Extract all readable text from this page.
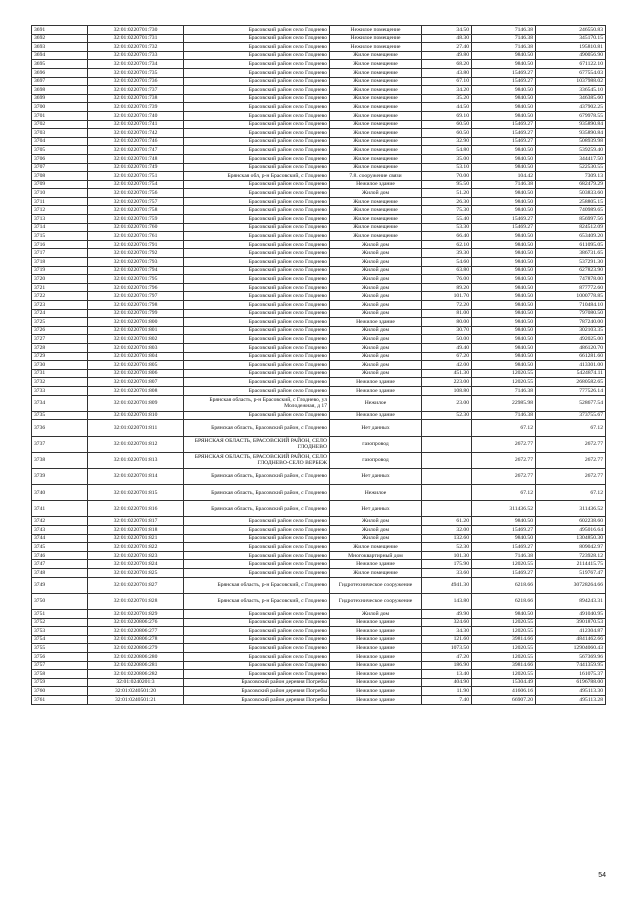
3691	32:01:0220701:730	Брасовский район село Глоднево	Нежилое помещение	34.50	7146.38	246550.83
3692	32:01:0220701:731	Брасовский район село Глоднево	Нежилое помещение	48.30	7146.38	345170.15
3693	32:01:0220701:732	Брасовский район село Глоднево	Нежилое помещение	27.40	7146.38	195810.81
3694	32:01:0220701:733	Брасовский район село Глоднево	Жилое помещение	49.80	9840.50	490056.90
3695	32:01:0220701:734	Брасовский район село Глоднево	Жилое помещение	68.20	9840.50	671122.10
3696	32:01:0220701:735	Брасовский район село Глоднево	Жилое помещение	43.80	15469.27	677554.03
3697	32:01:0220701:736	Брасовский район село Глоднево	Жилое помещение	67.10	15469.27	1037988.02
3698	32:01:0220701:737	Брасовский район село Глоднево	Жилое помещение	34.20	9840.50	336545.10
3699	32:01:0220701:738	Брасовский район село Глоднево	Жилое помещение	35.20	9840.50	346385.60
3700	32:01:0220701:739	Брасовский район село Глоднево	Жилое помещение	44.50	9840.50	437902.25
3701	32:01:0220701:740	Брасовский район село Глоднево	Жилое помещение	69.10	9840.50	679978.55
3702	32:01:0220701:741	Брасовский район село Глоднево	Жилое помещение	60.50	15469.27	935890.84
3703	32:01:0220701:742	Брасовский район село Глоднево	Жилое помещение	60.50	15469.27	935890.84
3704	32:01:0220701:746	Брасовский район село Глоднево	Жилое помещение	32.90	15469.27	508939.98
3705	32:01:0220701:747	Брасовский район село Глоднево	Жилое помещение	54.80	9840.50	539259.40
3706	32:01:0220701:748	Брасовский район село Глоднево	Жилое помещение	35.00	9840.50	344417.50
3707	32:01:0220701:749	Брасовский район село Глоднево	Жилое помещение	53.10	9840.50	522530.55
3708	32:01:0220701:751	Брянская обл, р-н Брасовский, с Глоднево	7.8. сооружение связи	70.00	104.42	7309.13
3709	32:01:0220701:754	Брасовский район село Глоднево	Нежилое здание	95.50	7146.38	682479.29
3710	32:01:0220701:756	Брасовский район село Глоднево	Жилой дом	51.20	9840.50	503833.60
3711	32:01:0220701:757	Брасовский район село Глоднево	Жилое помещение	26.30	9840.50	258805.15
3712	32:01:0220701:758	Брасовский район село Глоднево	Жилое помещение	75.30	9840.50	740989.65
3713	32:01:0220701:759	Брасовский район село Глоднево	Жилое помещение	55.40	15469.27	856997.56
3714	32:01:0220701:760	Брасовский район село Глоднево	Жилое помещение	53.30	15469.27	824512.09
3715	32:01:0220701:761	Брасовский район село Глоднево	Жилое помещение	66.40	9840.50	653409.20
3716	32:01:0220701:791	Брасовский район село Глоднево	Жилой дом	62.10	9840.50	611095.05
3717	32:01:0220701:792	Брасовский район село Глоднево	Жилой дом	39.30	9840.50	386731.65
3718	32:01:0220701:793	Брасовский район село Глоднево	Жилой дом	54.60	9840.50	537291.30
3719	32:01:0220701:794	Брасовский район село Глоднево	Жилой дом	63.80	9840.50	627823.90
3720	32:01:0220701:795	Брасовский район село Глоднево	Жилой дом	76.00	9840.50	747878.00
3721	32:01:0220701:796	Брасовский район село Глоднево	Жилой дом	89.20	9840.50	877772.60
3722	32:01:0220701:797	Брасовский район село Глоднево	Жилой дом	101.70	9840.50	1000778.85
3723	32:01:0220701:798	Брасовский район село Глоднево	Жилой дом	72.20	9840.50	710484.10
3724	32:01:0220701:799	Брасовский район село Глоднево	Жилой дом	81.00	9840.50	797080.50
3725	32:01:0220701:800	Брасовский район село Глоднево	Нежилое здание	80.00	9840.50	787240.00
3726	32:01:0220701:801	Брасовский район село Глоднево	Жилой дом	30.70	9840.50	302103.35
3727	32:01:0220701:802	Брасовский район село Глоднево	Жилой дом	50.00	9840.50	492025.00
3728	32:01:0220701:803	Брасовский район село Глоднево	Жилой дом	49.40	9840.50	486120.70
3729	32:01:0220701:804	Брасовский район село Глоднево	Жилой дом	67.20	9840.50	661281.60
3730	32:01:0220701:805	Брасовский район село Глоднево	Жилой дом	42.00	9840.50	413301.00
3731	32:01:0220701:806	Брасовский район село Глоднево	Жилой дом	451.30	12020.55	5424874.11
3732	32:01:0220701:807	Брасовский район село Глоднево	Нежилое здание	223.00	12020.55	2680582.65
3733	32:01:0220701:808	Брасовский район село Глоднево	Нежилое здание	108.80	7146.38	777526.14
3734	32:01:0220701:809	Брянская область, р-н Брасовский, с Глоднево, ул Молодежная, д 17	Нежилое	23.00	22985.98	528677.54
3735	32:01:0220701:810	Брасовский район село Глоднево	Нежилое здание	52.30	7146.38	373755.67
3736	32:01:0220701:811	Брянская область, Брасовский район, с Глоднево	Нет данных		67.12	67.12
3737	32:01:0220701:812	БРЯНСКАЯ ОБЛАСТЬ, БРАСОВСКИЙ РАЙОН, СЕЛО ГЛОДНЕВО	газопровод		2672.77	2672.77
3738	32:01:0220701:813	БРЯНСКАЯ ОБЛАСТЬ, БРАСОВСКИЙ РАЙОН, СЕЛО ГЛОДНЕВО-СЕЛО ВЕРБЕЖ	газопровод		2672.77	2672.77
3739	32:01:0220701:814	Брянская область, Брасовский район, с Глоднево	Нет данных		2672.77	2672.77
3740	32:01:0220701:815	Брянская область, Брасовский район, с Глоднево	Нежилое		67.12	67.12
3741	32:01:0220701:816	Брянская область, Брасовский район, с Глоднево	Нет данных		311436.52	311436.52
3742	32:01:0220701:817	Брасовский район село Глоднево	Жилой дом	61.20	9840.50	602238.60
3743	32:01:0220701:818	Брасовский район село Глоднево	Жилой дом	32.00	15469.27	495016.64
3744	32:01:0220701:821	Брасовский район село Глоднево	Жилой дом	132.60	9840.50	1304850.30
3745	32:01:0220701:822	Брасовский район село Глоднево	Жилое помещение	52.30	15469.27	809042.97
3746	32:01:0220701:823	Брасовский район село Глоднево	Многоквартирный дом	101.30	7146.38	723928.12
3747	32:01:0220701:824	Брасовский район село Глоднево	Нежилое здание	175.90	12020.55	2114415.75
3748	32:01:0220701:825	Брасовский район село Глоднево	Жилое помещение	33.60	15469.27	519767.47
3749	32:01:0220701:827	Брянская область, р-н Брасовский, с Глоднево	Гидротехническое сооружение	4941.30	6218.66	30728264.66
3750	32:01:0220701:828	Брянская область, р-н Брасовский, с Глоднево	Гидротехническое сооружение	143.80	6218.66	894243.31
3751	32:01:0220701:829	Брасовский район село Глоднево	Жилой дом	49.90	9840.50	491040.95
3752	32:01:0220806:276	Брасовский район село Глоднево	Нежилое здание	324.60	12020.55	3901870.53
3753	32:01:0220806:277	Брасовский район село Глоднево	Нежилое здание	34.30	12020.55	412304.87
3754	32:01:0220806:278	Брасовский район село Глоднево	Нежилое здание	121.60	39814.66	4841462.66
3755	32:01:0220806:279	Брасовский район село Глоднево	Нежилое здание	1073.50	12020.55	12904060.43
3756	32:01:0220806:280	Брасовский район село Глоднево	Нежилое здание	47.20	12020.55	567369.96
3757	32:01:0220806:281	Брасовский район село Глоднево	Нежилое здание	186.90	39814.66	7441359.95
3758	32:01:0220806:282	Брасовский район село Глоднево	Нежилое здание	13.40	12020.55	161075.37
3759	32:01:0240201:3	Брасовский район деревня Погребы	Нежилое здание	404.90	15304.49	6196788.00
3760	32:01:0240501:20	Брасовский район деревня Погребы	Нежилое здание	11.90	41606.16	495113.30
3761	32:01:0240501:21	Брасовский район деревня Погребы	Нежилое здание	7.40	66907.20	495113.28
54
